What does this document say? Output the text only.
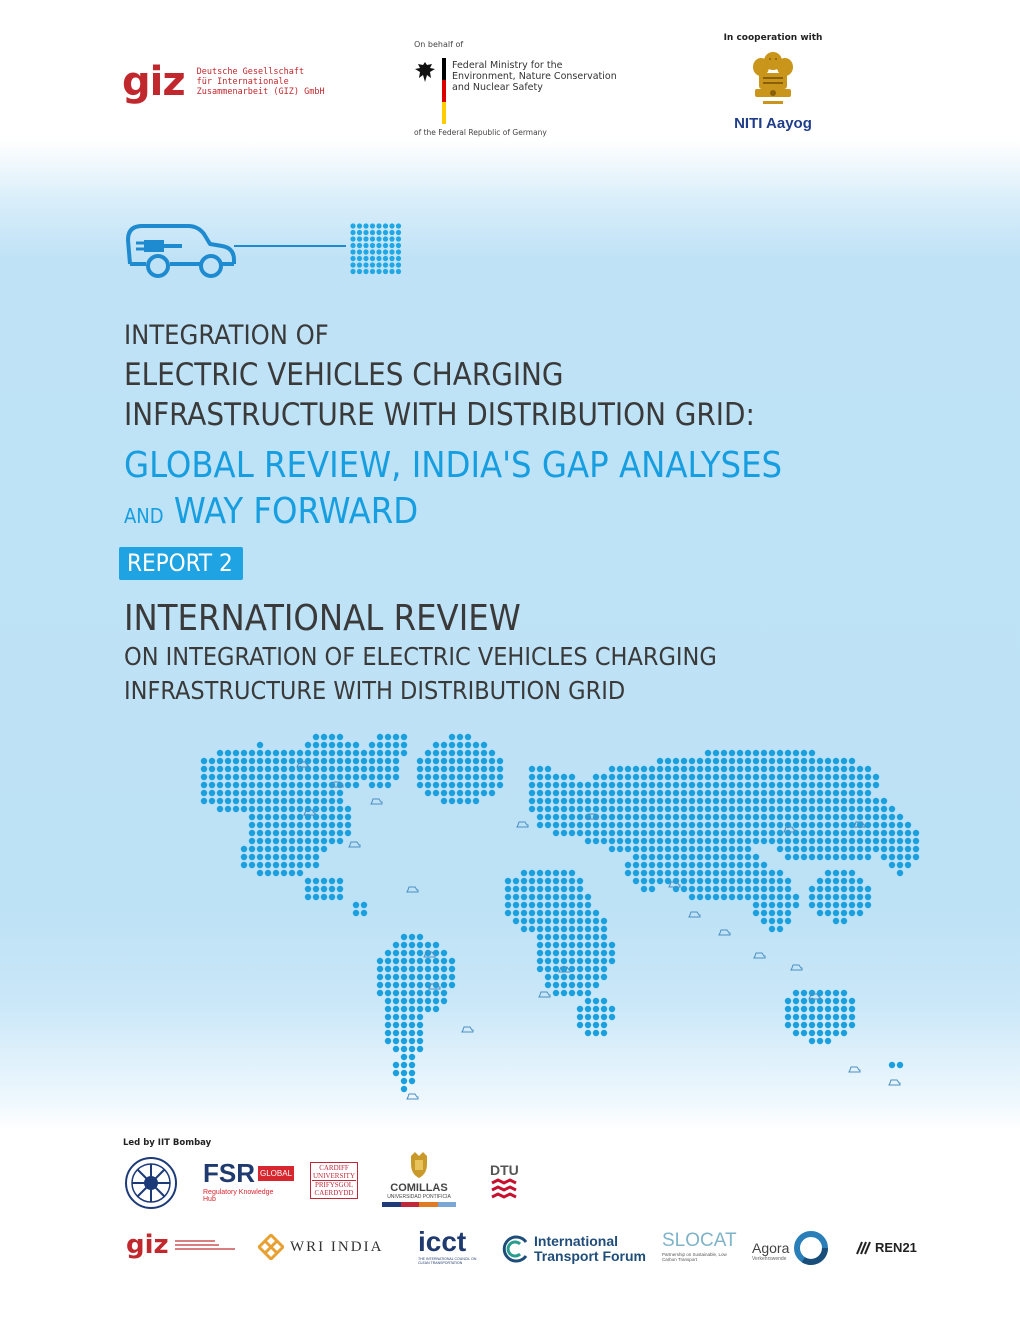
giz Deutsche Gesellschaft
für Internationale
Zusammenarbeit (GIZ) GmbH
On behalf of
Federal Ministry for the
Environment, Nature Conservation
and Nuclear Safety
of the Federal Republic of Germany
In cooperation with
NITI Aayog
INTEGRATION OF
ELECTRIC VEHICLES CHARGING
INFRASTRUCTURE WITH DISTRIBUTION GRID:
GLOBAL REVIEW, INDIA'S GAP ANALYSES
AND WAY FORWARD
REPORT 2
INTERNATIONAL REVIEW
ON INTEGRATION OF ELECTRIC VEHICLES CHARGING
INFRASTRUCTURE WITH DISTRIBUTION GRID
Led by IIT Bombay
FSR GLOBAL
Regulatory Knowledge Hub
CARDIFF
UNIVERSITY
PRIFYSGOL
CAERDYDD	COMILLAS
UNIVERSIDAD PONTIFICIA
DTU
giz	WRI INDIA icct
THE INTERNATIONAL COUNCIL ON CLEAN TRANSPORTATION
International
Transport Forum
SLOCAT
Partnership on Sustainable, Low Carbon Transport
Agora
Verkehrswende
REN21
